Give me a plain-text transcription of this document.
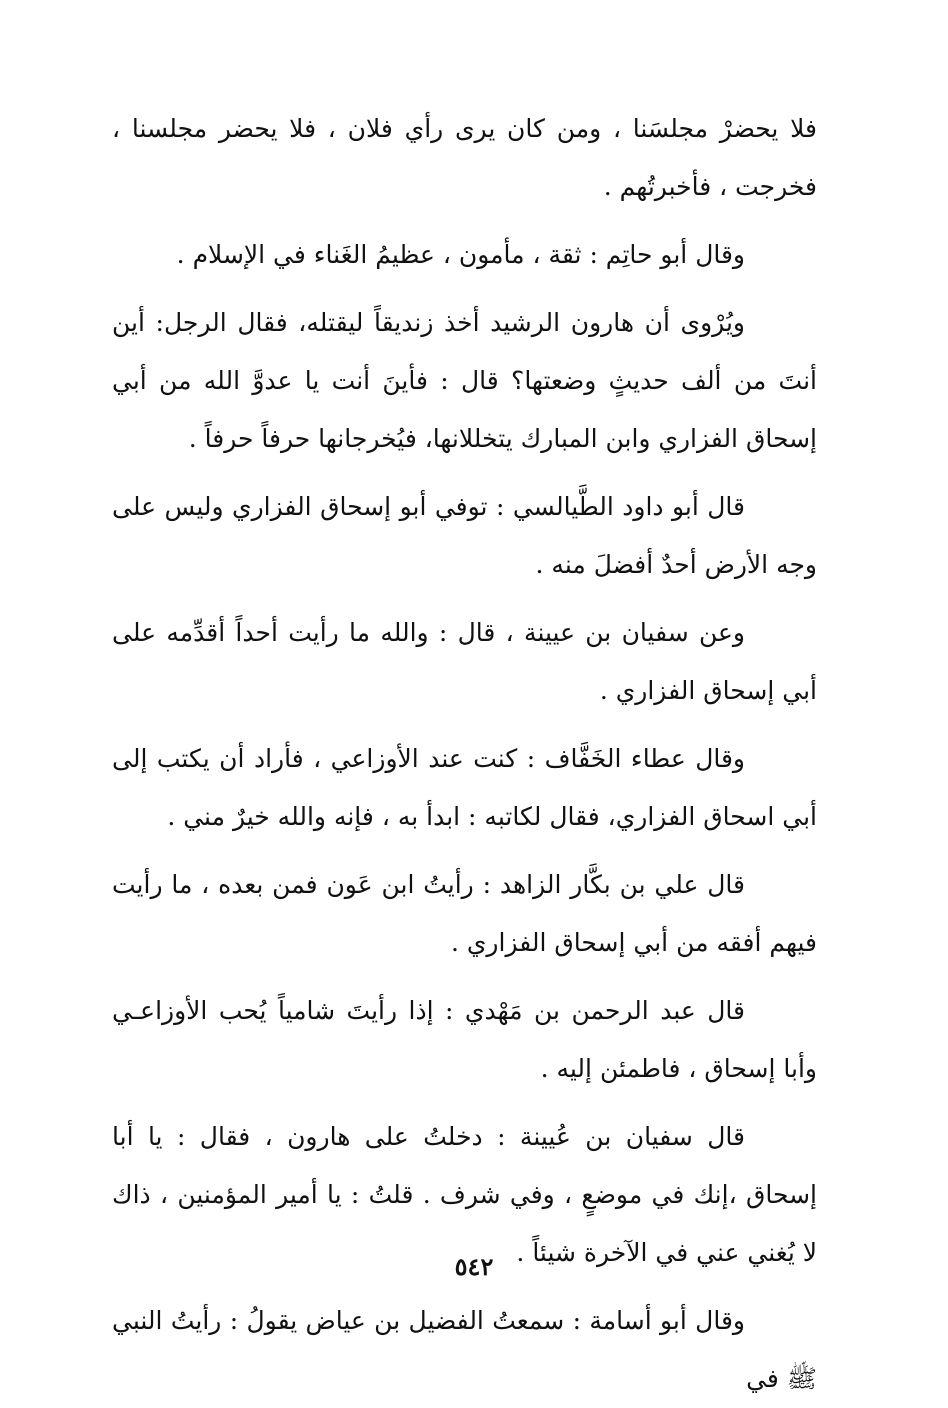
فلا يحضرْ مجلسَنا ، ومن كان يرى رأي فلان ، فلا يحضر مجلسنا ، فخرجت ، فأخبرتُهم .

وقال أبو حاتِم : ثقة ، مأمون ، عظيمُ الغَناء في الإسلام .

ويُرْوى أن هارون الرشيد أخذ زنديقاً ليقتله، فقال الرجل: أين أنتَ من ألف حديثٍ وضعتها؟ قال : فأينَ أنت يا عدوَّ الله من أبي إسحاق الفزاري وابن المبارك يتخللانها، فيُخرجانها حرفاً حرفاً .

قال أبو داود الطَّيالسي : توفي أبو إسحاق الفزاري وليس على وجه الأرض أحدٌ أفضلَ منه .

وعن سفيان بن عيينة ، قال : والله ما رأيت أحداً أقدِّمه على أبي إسحاق الفزاري .

وقال عطاء الخَفَّاف : كنت عند الأوزاعي ، فأراد أن يكتب إلى أبي اسحاق الفزاري، فقال لكاتبه : ابدأ به ، فإنه والله خيرٌ مني .

قال علي بن بكَّار الزاهد : رأيتُ ابن عَون فمن بعده ، ما رأيت فيهم أفقه من أبي إسحاق الفزاري .

قال عبد الرحمن بن مَهْدي : إذا رأيتَ شامياً يُحب الأوزاعـي وأبا إسحاق ، فاطمئن إليه .

قال سفيان بن عُيينة : دخلتُ على هارون ، فقال : يا أبا إسحاق ،إنك في موضعٍ ، وفي شرف . قلتُ : يا أمير المؤمنين ، ذاك لا يُغني عني في الآخرة شيئاً .

وقال أبو أسامة : سمعتُ الفضيل بن عياض يقولُ : رأيتُ النبي ﷺ في

٥٤٢
